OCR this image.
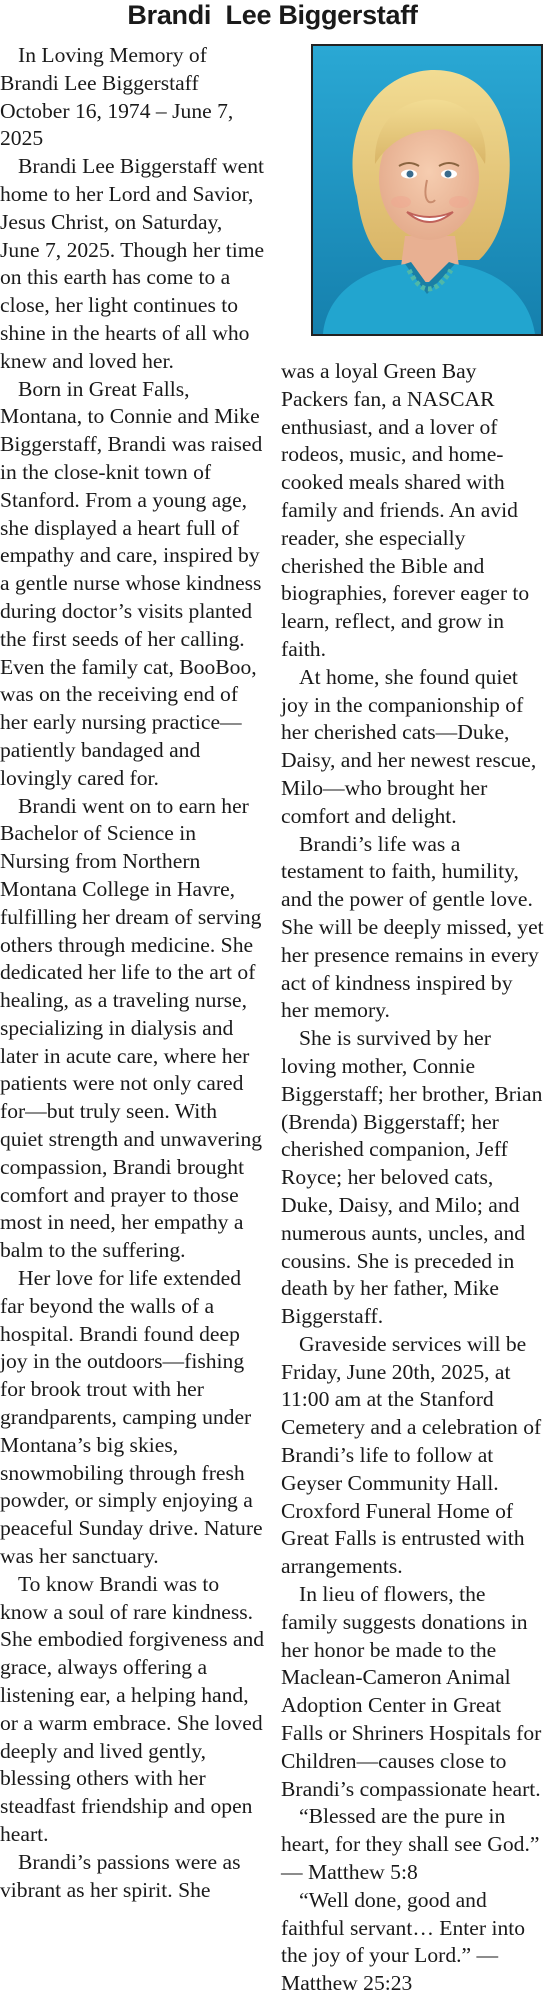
Brandi  Lee Biggerstaff

In Loving Memory of Brandi Lee Biggerstaff October 16, 1974 – June 7, 2025

Brandi Lee Biggerstaff went home to her Lord and Savior, Jesus Christ, on Saturday, June 7, 2025. Though her time on this earth has come to a close, her light continues to shine in the hearts of all who knew and loved her.

Born in Great Falls, Montana, to Connie and Mike Biggerstaff, Brandi was raised in the close-knit town of Stanford. From a young age, she displayed a heart full of empathy and care, inspired by a gentle nurse whose kindness during doctor’s visits planted the first seeds of her calling. Even the family cat, BooBoo, was on the receiving end of her early nursing practice—patiently bandaged and lovingly cared for.

Brandi went on to earn her Bachelor of Science in Nursing from Northern Montana College in Havre, fulfilling her dream of serving others through medicine. She dedicated her life to the art of healing, as a traveling nurse, specializing in dialysis and later in acute care, where her patients were not only cared for—but truly seen. With quiet strength and unwavering compassion, Brandi brought comfort and prayer to those most in need, her empathy a balm to the suffering.

Her love for life extended far beyond the walls of a hospital. Brandi found deep joy in the outdoors—fishing for brook trout with her grandparents, camping under Montana’s big skies, snowmobiling through fresh powder, or simply enjoying a peaceful Sunday drive. Nature was her sanctuary.

To know Brandi was to know a soul of rare kindness. She embodied forgiveness and grace, always offering a listening ear, a helping hand, or a warm embrace. She loved deeply and lived gently, blessing others with her steadfast friendship and open heart.

Brandi’s passions were as vibrant as her spirit. She

was a loyal Green Bay Packers fan, a NASCAR enthusiast, and a lover of rodeos, music, and home-cooked meals shared with family and friends. An avid reader, she especially cherished the Bible and biographies, forever eager to learn, reflect, and grow in faith.

At home, she found quiet joy in the companionship of her cherished cats—Duke, Daisy, and her newest rescue, Milo—who brought her comfort and delight.

Brandi’s life was a testament to faith, humility, and the power of gentle love. She will be deeply missed, yet her presence remains in every act of kindness inspired by her memory.

She is survived by her loving mother, Connie Biggerstaff; her brother, Brian (Brenda) Biggerstaff; her cherished companion, Jeff Royce; her beloved cats, Duke, Daisy, and Milo; and numerous aunts, uncles, and cousins. She is preceded in death by her father, Mike Biggerstaff.

Graveside services will be Friday, June 20th, 2025, at 11:00 am at the Stanford Cemetery and a celebration of Brandi’s life to follow at Geyser Community Hall. Croxford Funeral Home of Great Falls is entrusted with arrangements.

In lieu of flowers, the family suggests donations in her honor be made to the Maclean-Cameron Animal Adoption Center in Great Falls or Shriners Hospitals for Children—causes close to Brandi’s compassionate heart.

“Blessed are the pure in heart, for they shall see God.” — Matthew 5:8

“Well done, good and faithful servant… Enter into the joy of your Lord.” — Matthew 25:23
